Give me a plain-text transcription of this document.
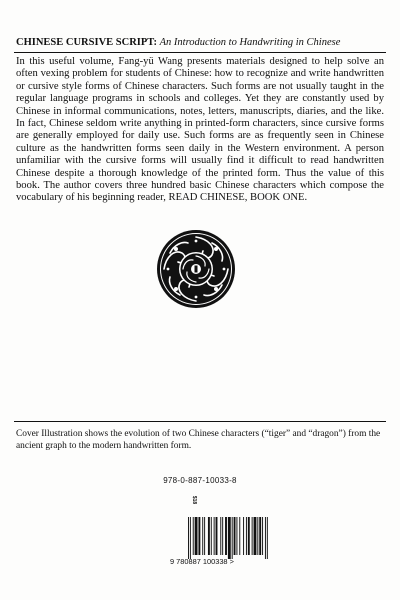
CHINESE CURSIVE SCRIPT: An Introduction to Handwriting in Chinese

In this useful volume, Fang-yü Wang presents materials designed to help solve an often vexing problem for students of Chinese: how to recognize and write handwritten or cursive style forms of Chinese characters. Such forms are not usually taught in the regular language programs in schools and colleges. Yet they are constantly used by Chinese in informal communications, notes, letters, manuscripts, diaries, and the like. In fact, Chinese seldom write anything in printed-form characters, since cursive forms are generally employed for daily use. Such forms are as frequently seen in Chinese culture as the handwritten forms seen daily in the Western environment. A person unfamiliar with the cursive forms will usually find it difficult to read handwritten Chinese despite a thorough knowledge of the printed form. Thus the value of this book. The author covers three hundred basic Chinese characters which compose the vocabulary of his beginning reader, READ CHINESE, BOOK ONE.

Cover Illustration shows the evolution of two Chinese characters (“tiger” and “dragon”) from the ancient graph to the modern handwritten form.
978-0-887-10033-8
$18
9 780887 100338 >
